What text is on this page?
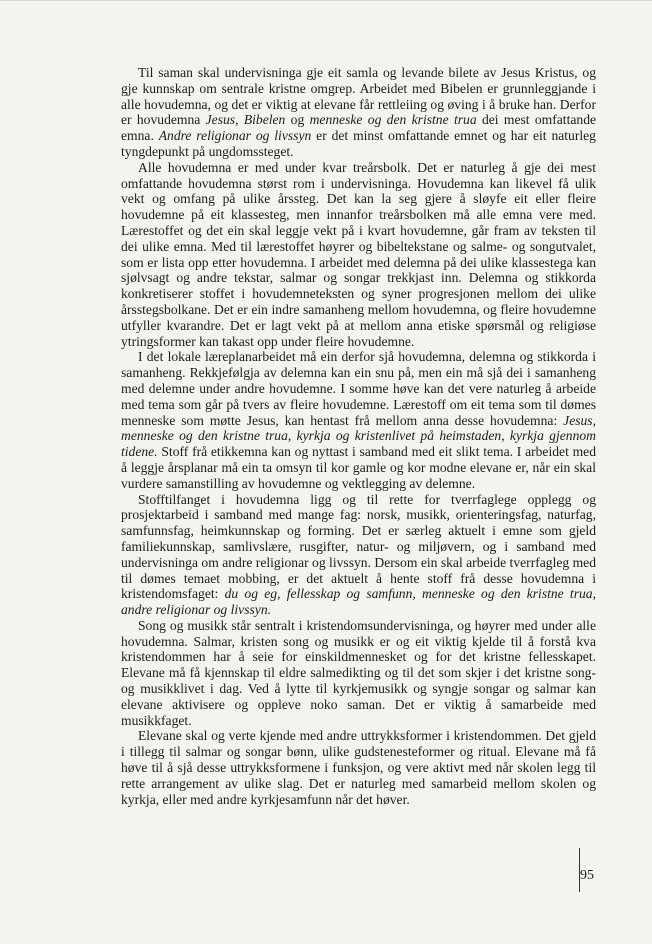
Til saman skal undervisninga gje eit samla og levande bilete av Jesus Kristus, og gje kunnskap om sentrale kristne omgrep. Arbeidet med Bibelen er grunnleggjande i alle hovudemna, og det er viktig at elevane får rettleiing og øving i å bruke han. Derfor er hovudemna Jesus, Bibelen og menneske og den kristne trua dei mest omfattande emna. Andre religionar og livssyn er det minst omfattande emnet og har eit naturleg tyngdepunkt på ungdomssteget.

Alle hovudemna er med under kvar treårsbolk. Det er naturleg å gje dei mest omfattande hovudemna størst rom i undervisninga. Hovudemna kan likevel få ulik vekt og omfang på ulike årssteg. Det kan la seg gjere å sløyfe eit eller fleire hovudemne på eit klassesteg, men innanfor treårsbolken må alle emna vere med. Lærestoffet og det ein skal leggje vekt på i kvart hovudemne, går fram av teksten til dei ulike emna. Med til lærestoffet høyrer og bibeltekstane og salme- og songutvalet, som er lista opp etter hovudemna. I arbeidet med delemna på dei ulike klassestega kan sjølvsagt og andre tekstar, salmar og songar trekkjast inn. Delemna og stikkorda konkretiserer stoffet i hovudemneteksten og syner progresjonen mellom dei ulike årsstegsbolkane. Det er ein indre samanheng mellom hovudemna, og fleire hovudemne utfyller kvarandre. Det er lagt vekt på at mellom anna etiske spørsmål og religiøse ytringsformer kan takast opp under fleire hovudemne.

I det lokale læreplanarbeidet må ein derfor sjå hovudemna, delemna og stikkorda i samanheng. Rekkjefølgja av delemna kan ein snu på, men ein må sjå dei i samanheng med delemne under andre hovudemne. I somme høve kan det vere naturleg å arbeide med tema som går på tvers av fleire hovudemne. Lærestoff om eit tema som til dømes menneske som møtte Jesus, kan hentast frå mellom anna desse hovudemna: Jesus, menneske og den kristne trua, kyrkja og kristenlivet på heimstaden, kyrkja gjennom tidene. Stoff frå etikkemna kan og nyttast i samband med eit slikt tema. I arbeidet med å leggje årsplanar må ein ta omsyn til kor gamle og kor modne elevane er, når ein skal vurdere samanstilling av hovudemne og vektlegging av delemne.

Stofftilfanget i hovudemna ligg og til rette for tverrfaglege opplegg og prosjektarbeid i samband med mange fag: norsk, musikk, orienteringsfag, naturfag, samfunnsfag, heimkunnskap og forming. Det er særleg aktuelt i emne som gjeld familiekunnskap, samlivslære, rusgifter, natur- og miljøvern, og i samband med undervisninga om andre religionar og livssyn. Dersom ein skal arbeide tverrfagleg med til dømes temaet mobbing, er det aktuelt å hente stoff frå desse hovudemna i kristendomsfaget: du og eg, fellesskap og samfunn, menneske og den kristne trua, andre religionar og livssyn.

Song og musikk står sentralt i kristendomsundervisninga, og høyrer med under alle hovudemna. Salmar, kristen song og musikk er og eit viktig kjelde til å forstå kva kristendommen har å seie for einskildmennesket og for det kristne fellesskapet. Elevane må få kjennskap til eldre salmedikting og til det som skjer i det kristne song- og musikklivet i dag. Ved å lytte til kyrkjemusikk og syngje songar og salmar kan elevane aktivisere og oppleve noko saman. Det er viktig å samarbeide med musikkfaget.

Elevane skal og verte kjende med andre uttrykksformer i kristendommen. Det gjeld i tillegg til salmar og songar bønn, ulike gudstenesteformer og ritual. Elevane må få høve til å sjå desse uttrykksformene i funksjon, og vere aktivt med når skolen legg til rette arrangement av ulike slag. Det er naturleg med samarbeid mellom skolen og kyrkja, eller med andre kyrkjesamfunn når det høver.

95
